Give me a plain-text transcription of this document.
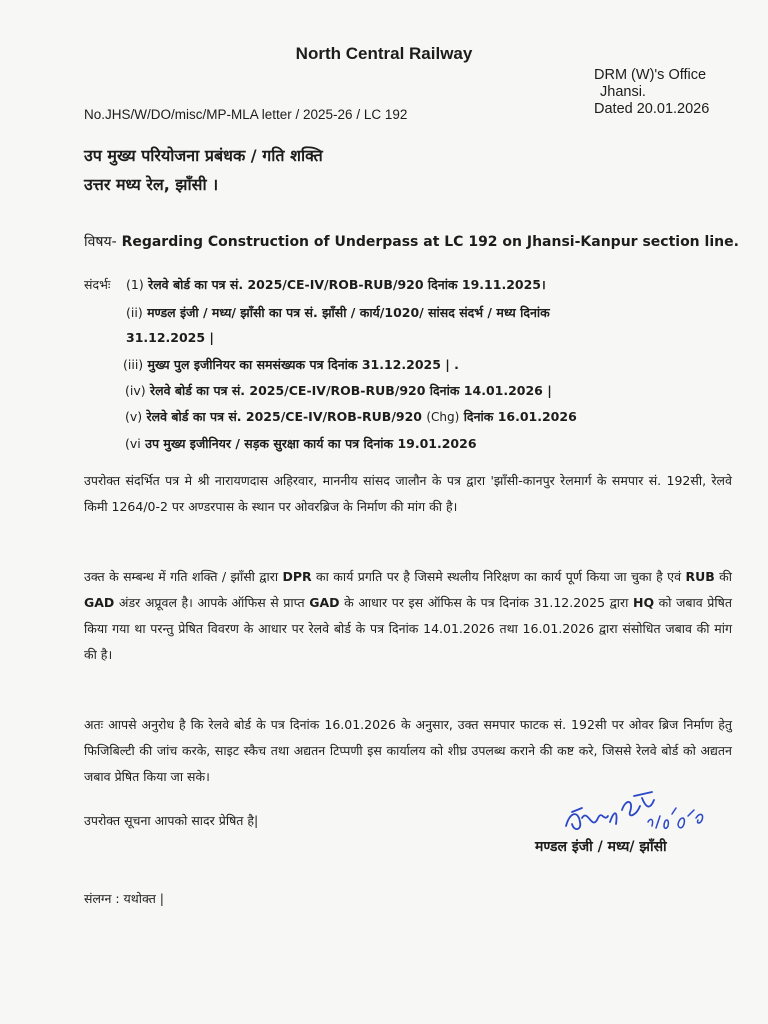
North Central Railway
DRM (W)'s Office
Jhansi.
Dated 20.01.2026
No.JHS/W/DO/misc/MP-MLA letter / 2025-26 / LC 192
उप मुख्य परियोजना प्रबंधक / गति शक्ति
उत्तर मध्य रेल, झाँसी ।
विषय- Regarding Construction of Underpass at LC 192 on Jhansi-Kanpur section line.
संदर्भः (1) रेलवे बोर्ड का पत्र सं. 2025/CE-IV/ROB-RUB/920 दिनांक 19.11.2025।
(ii) मण्डल इंजी / मध्य/ झाँसी का पत्र सं. झाँसी / कार्य/1020/ सांसद संदर्भ / मध्य दिनांक
31.12.2025 |
(iii) मुख्य पुल इजीनियर का समसंख्यक पत्र दिनांक 31.12.2025 | .
(iv) रेलवे बोर्ड का पत्र सं. 2025/CE-IV/ROB-RUB/920 दिनांक 14.01.2026 |
(v) रेलवे बोर्ड का पत्र सं. 2025/CE-IV/ROB-RUB/920 (Chg) दिनांक 16.01.2026
(vi उप मुख्य इजीनियर / सड़क सुरक्षा कार्य का पत्र दिनांक 19.01.2026
उपरोक्त संदर्भित पत्र मे श्री नारायणदास अहिरवार, माननीय सांसद जालौन के पत्र द्वारा 'झाँसी-कानपुर रेलमार्ग के समपार सं. 192सी, रेलवे किमी 1264/0-2 पर अण्डरपास के स्थान पर ओवरब्रिज के निर्माण की मांग की है।
उक्त के सम्बन्ध में गति शक्ति / झाँसी द्वारा DPR का कार्य प्रगति पर है जिसमे स्थलीय निरिक्षण का कार्य पूर्ण किया जा चुका है एवं RUB की GAD अंडर अप्रूवल है। आपके ऑफिस से प्राप्त GAD के आधार पर इस ऑफिस के पत्र दिनांक 31.12.2025 द्वारा HQ को जबाव प्रेषित किया गया था परन्तु प्रेषित विवरण के आधार पर रेलवे बोर्ड के पत्र दिनांक 14.01.2026 तथा 16.01.2026 द्वारा संसोधित जबाव की मांग की है।
अतः आपसे अनुरोध है कि रेलवे बोर्ड के पत्र दिनांक 16.01.2026 के अनुसार, उक्त समपार फाटक सं. 192सी पर ओवर ब्रिज निर्माण हेतु फिजिबिल्टी की जांच करके, साइट स्कैच तथा अद्यतन टिप्पणी इस कार्यालय को शीघ्र उपलब्ध कराने की कष्ट करे, जिससे रेलवे बोर्ड को अद्यतन जबाव प्रेषित किया जा सके।
उपरोक्त सूचना आपको सादर प्रेषित है|
मण्डल इंजी / मध्य/ झाँसी
संलग्न : यथोक्त |
